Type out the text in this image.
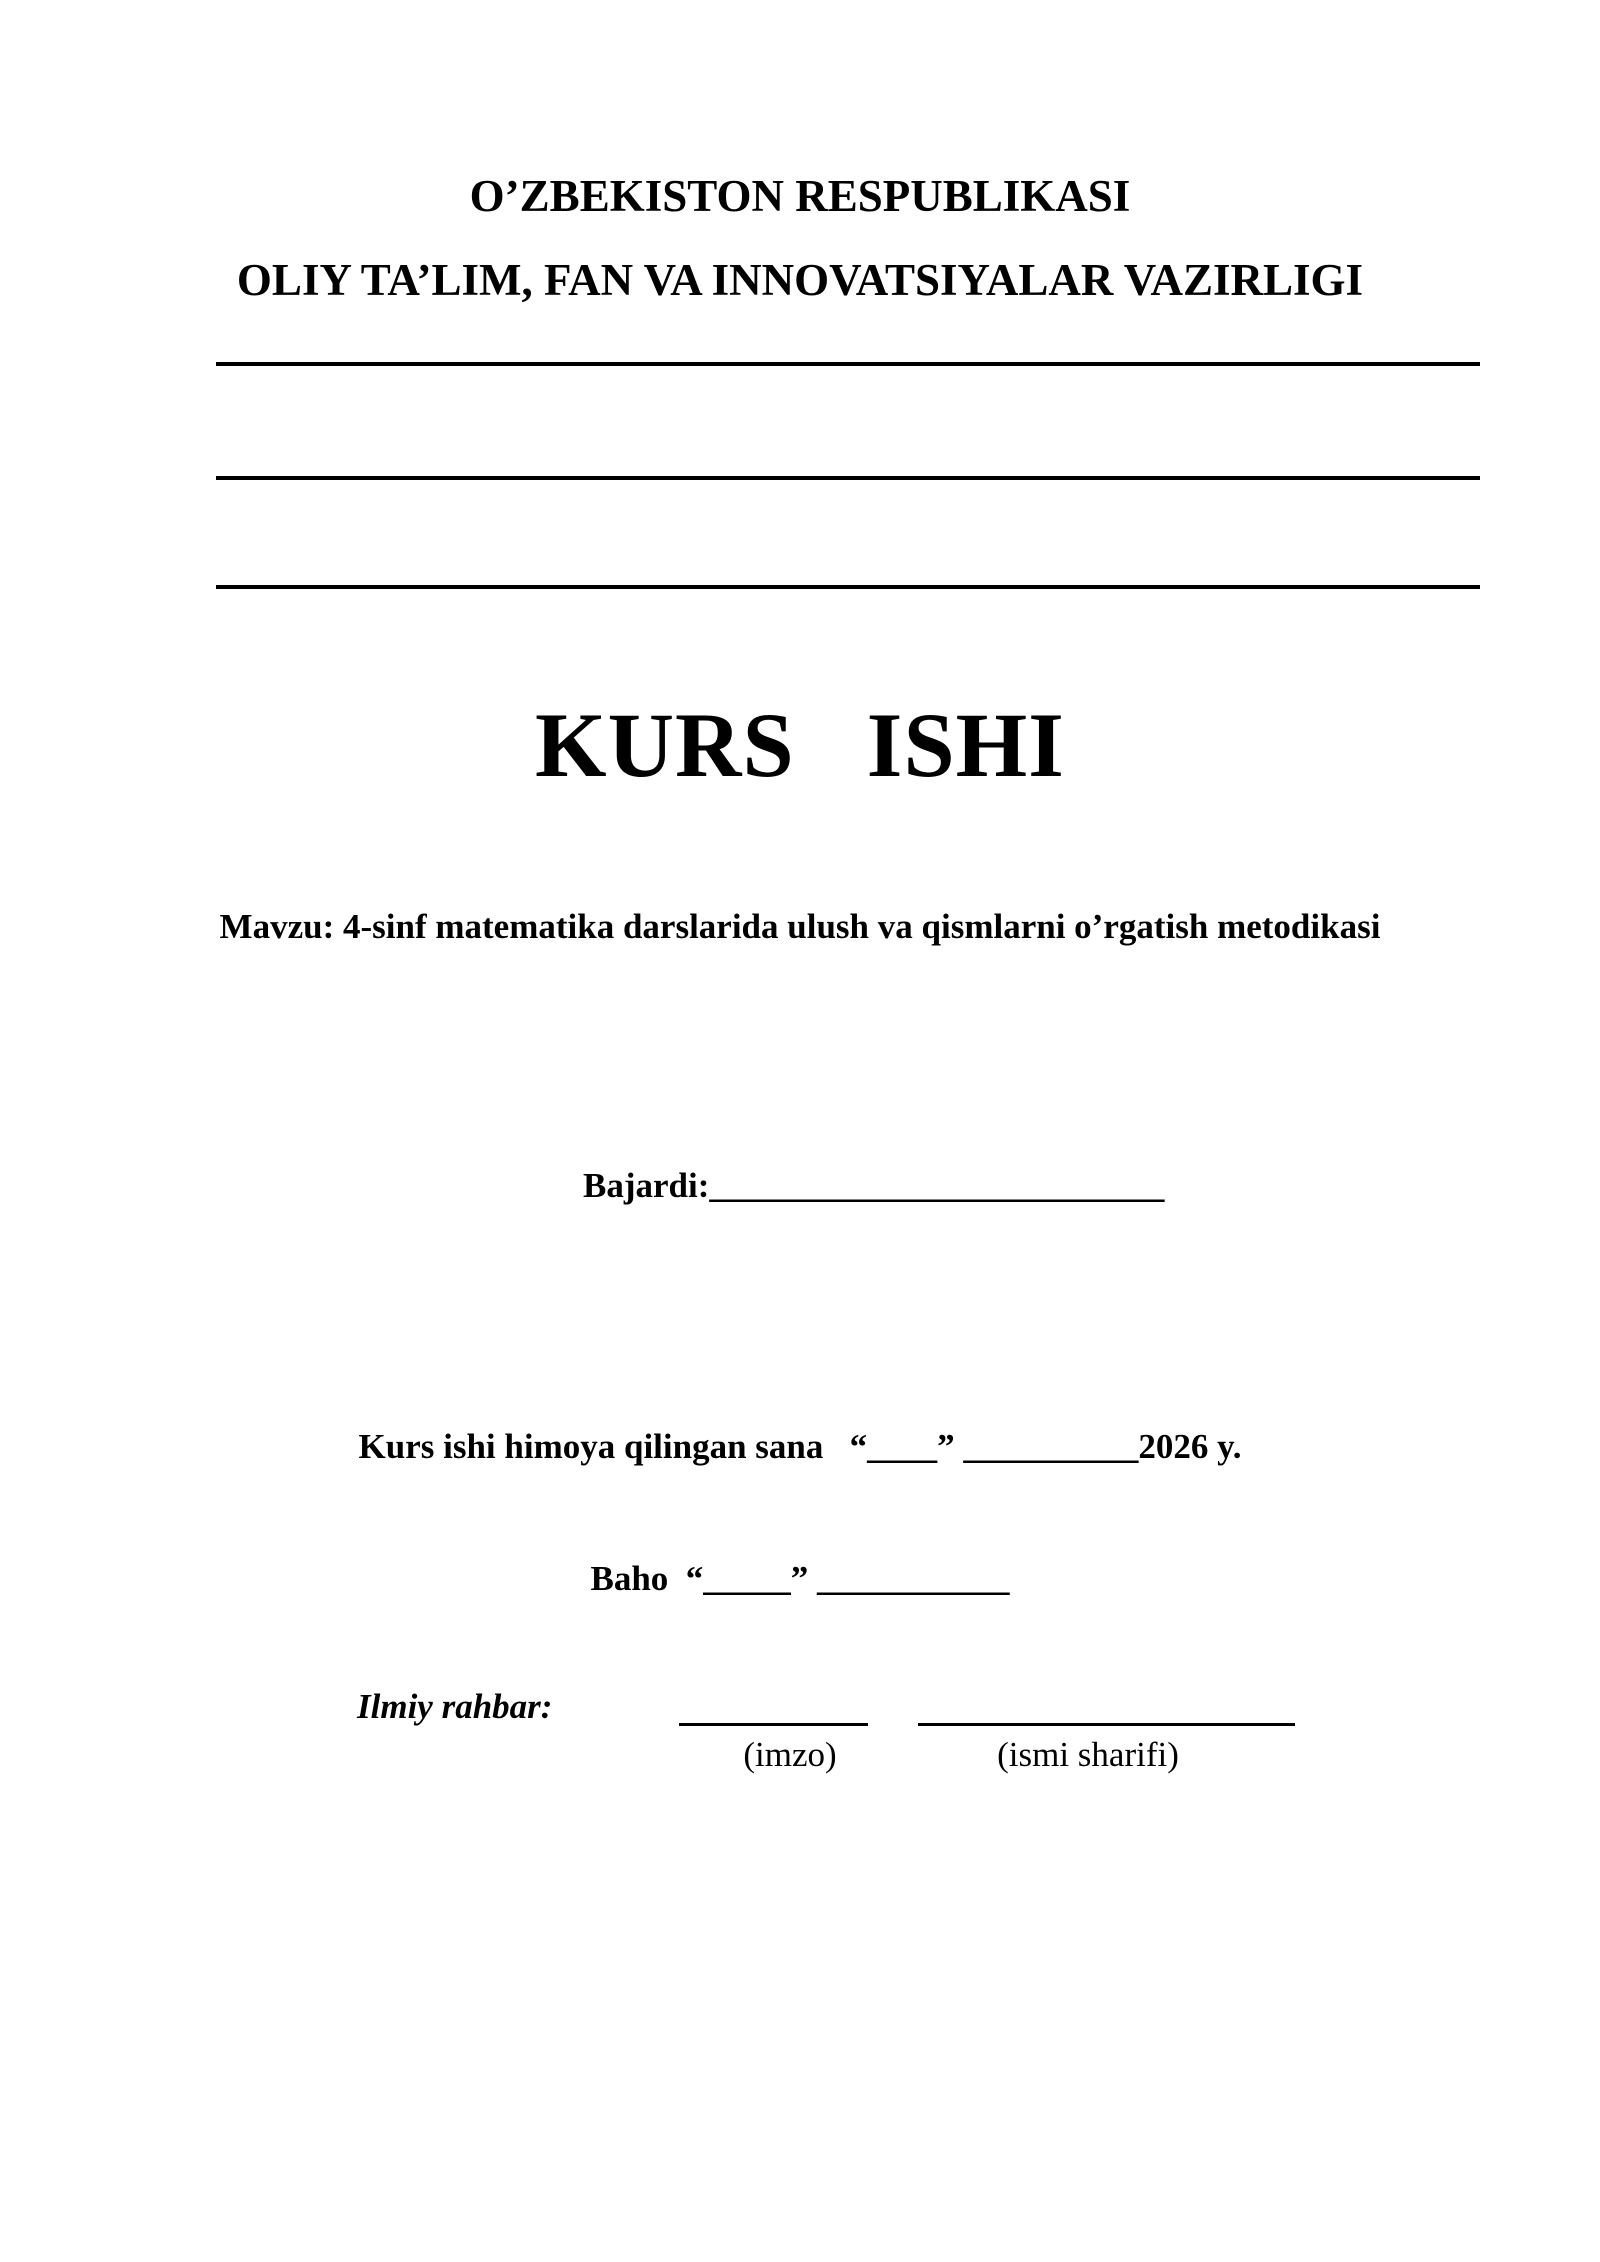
O’ZBEKISTON RESPUBLIKASI
OLIY TA’LIM, FAN VA INNOVATSIYALAR VAZIRLIGI
KURS   ISHI
Mavzu: 4-sinf matematika darslarida ulush va qismlarni o’rgatish metodikasi
Bajardi:__________________________
Kurs ishi himoya qilingan sana   “____” __________2026 y.
Baho  “_____” ___________
Ilmiy rahbar:
(imzo)	(ismi sharifi)
